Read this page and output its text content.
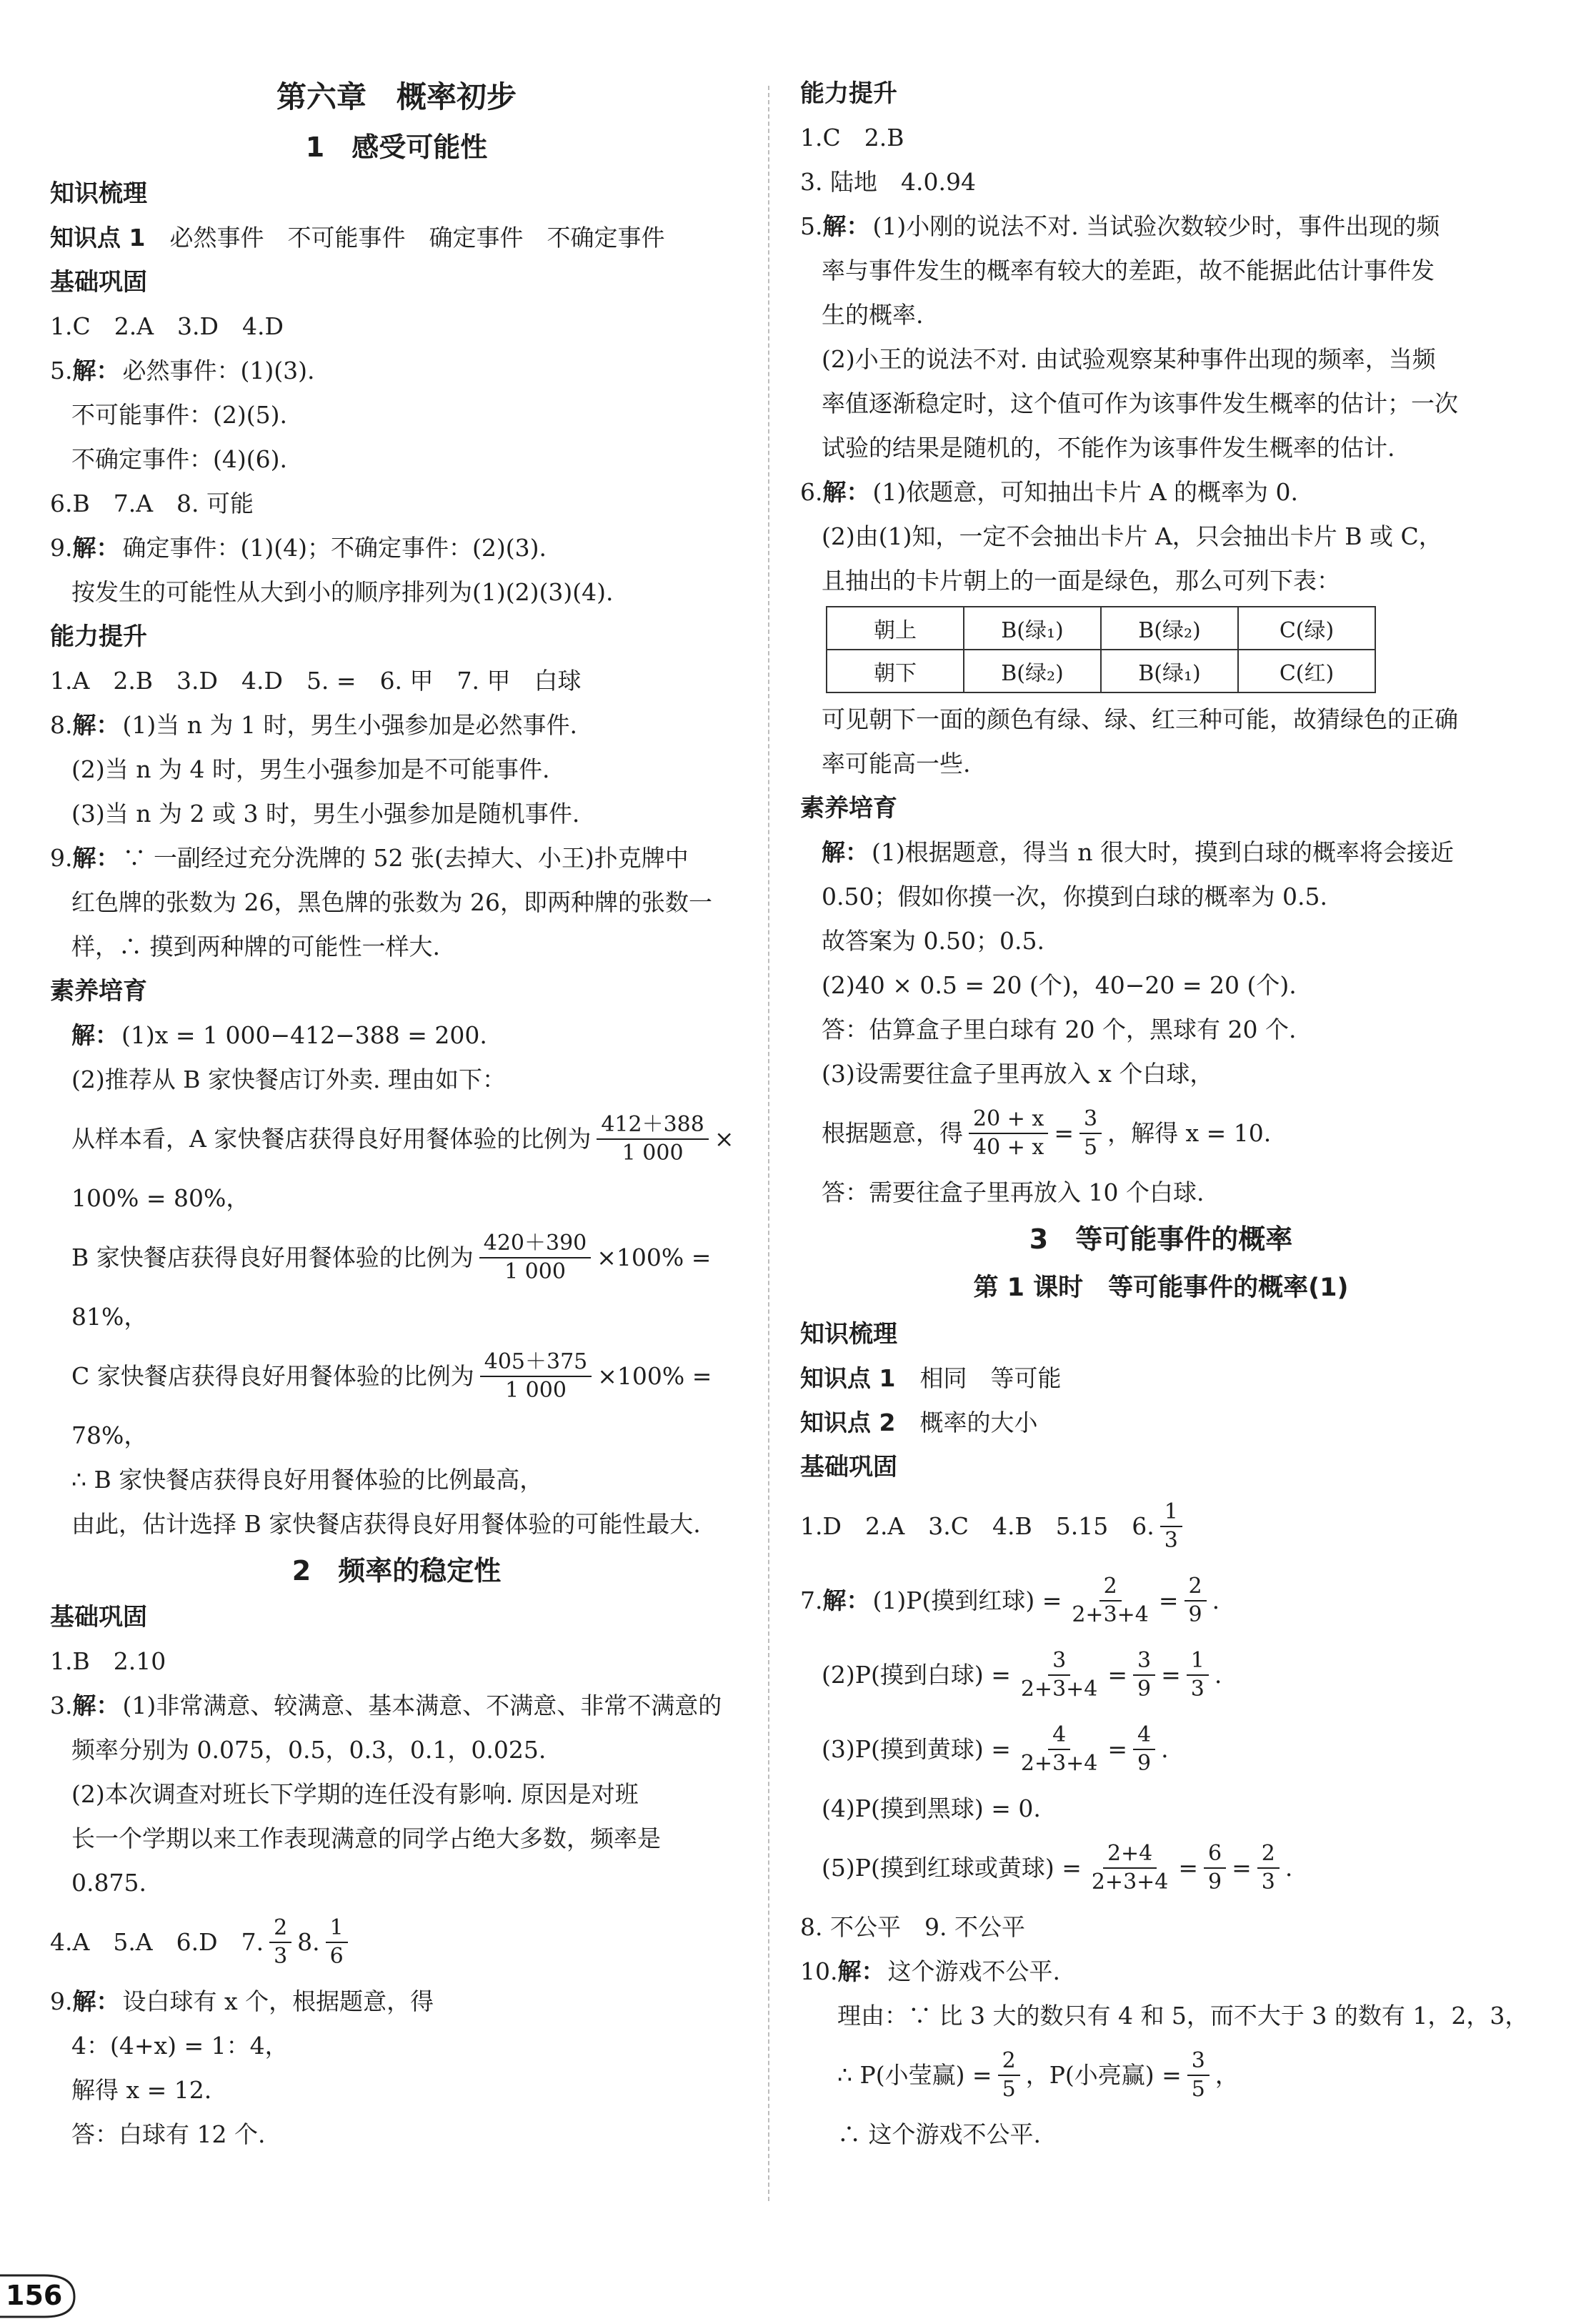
第六章　概率初步
1　感受可能性
知识梳理
知识点 1 必然事件　不可能事件　确定事件　不确定事件
基础巩固
1.C　2.A　3.D　4.D
5. 解： 必然事件：(1)(3).
不可能事件：(2)(5).
不确定事件：(4)(6).
6.B　7.A　8. 可能
9. 解： 确定事件：(1)(4)；不确定事件：(2)(3).
按发生的可能性从大到小的顺序排列为(1)(2)(3)(4).
能力提升
1.A　2.B　3.D　4.D　5. =　6. 甲　7. 甲　白球
8. 解： (1)当 n 为 1 时，男生小强参加是必然事件.
(2)当 n 为 4 时，男生小强参加是不可能事件.
(3)当 n 为 2 或 3 时，男生小强参加是随机事件.
9. 解： ∵ 一副经过充分洗牌的 52 张(去掉大、小王)扑克牌中
红色牌的张数为 26，黑色牌的张数为 26，即两种牌的张数一
样，∴ 摸到两种牌的可能性一样大.
素养培育
解： (1)x = 1 000−412−388 = 200.
(2)推荐从 B 家快餐店订外卖. 理由如下：
从样本看，A 家快餐店获得良好用餐体验的比例为 $\frac{412+388}{1 000}$ ×
100% = 80%，
B 家快餐店获得良好用餐体验的比例为 $\frac{420+390}{1 000} \times 100\%$ =
81%，
C 家快餐店获得良好用餐体验的比例为 $\frac{405+375}{1 000} \times 100\%$ =
78%，
∴ B 家快餐店获得良好用餐体验的比例最高，
由此，估计选择 B 家快餐店获得良好用餐体验的可能性最大.
2　频率的稳定性
基础巩固
1.B　2.10
3. 解： (1)非常满意、较满意、基本满意、不满意、非常不满意的
频率分别为 0.075，0.5，0.3，0.1，0.025.
(2)本次调查对班长下学期的连任没有影响. 原因是对班
长一个学期以来工作表现满意的同学占绝大多数，频率是
0.875.
4.A　5.A　6.D　7. $\frac{2}{3} 8$. $\frac{1}{6}$
9. 解： 设白球有 x 个，根据题意，得
4：(4+x) = 1：4，
解得 x = 12.
答：白球有 12 个.
能力提升
1.C　2.B
3. 陆地　4.0.94
5. 解： (1)小刚的说法不对. 当试验次数较少时，事件出现的频
率与事件发生的概率有较大的差距，故不能据此估计事件发
生的概率.
(2)小王的说法不对. 由试验观察某种事件出现的频率，当频
率值逐渐稳定时，这个值可作为该事件发生概率的估计；一次
试验的结果是随机的，不能作为该事件发生概率的估计.
6. 解： (1)依题意，可知抽出卡片 A 的概率为 0.
(2)由(1)知，一定不会抽出卡片 A，只会抽出卡片 B 或 C，
且抽出的卡片朝上的一面是绿色，那么可列下表：
朝上	B(绿₁)	B(绿₂)	C(绿)
朝下	B(绿₂)	B(绿₁)	C(红)
可见朝下一面的颜色有绿、绿、红三种可能，故猜绿色的正确
率可能高一些.
素养培育
解： (1)根据题意，得当 n 很大时，摸到白球的概率将会接近
0.50；假如你摸一次，你摸到白球的概率为 0.5.
故答案为 0.50；0.5.
(2)40 × 0.5 = 20 (个)，40−20 = 20 (个).
答：估算盒子里白球有 20 个，黑球有 20 个.
(3)设需要往盒子里再放入 x 个白球，
根据题意，得 $\frac{20 + x}{40 + x} = \frac{3}{5}$ ，解得 x = 10.
答：需要往盒子里再放入 10 个白球.
3　等可能事件的概率
第 1 课时　等可能事件的概率(1)
知识梳理
知识点 1 相同　等可能
知识点 2 概率的大小
基础巩固
1.D　2.A　3.C　4.B　5.15　6. $\frac{1}{3}$
7. 解： (1)P(摸到红球) = $\frac{2}{2+3+4} = \frac{2}{9}$ .
(2)P(摸到白球) = $\frac{3}{2+3+4} = \frac{3}{9} = \frac{1}{3}$ .
(3)P(摸到黄球) = $\frac{4}{2+3+4} = \frac{4}{9}$ .
(4)P(摸到黑球) = 0.
(5)P(摸到红球或黄球) = $\frac{2+4}{2+3+4} = \frac{6}{9} = \frac{2}{3}$ .
8. 不公平　9. 不公平
10. 解： 这个游戏不公平.
理由：∵ 比 3 大的数只有 4 和 5，而不大于 3 的数有 1，2，3，
∴ P(小莹赢) = $\frac{2}{5}$ ，P(小亮赢) = $\frac{3}{5}$ ，
∴ 这个游戏不公平.
156
